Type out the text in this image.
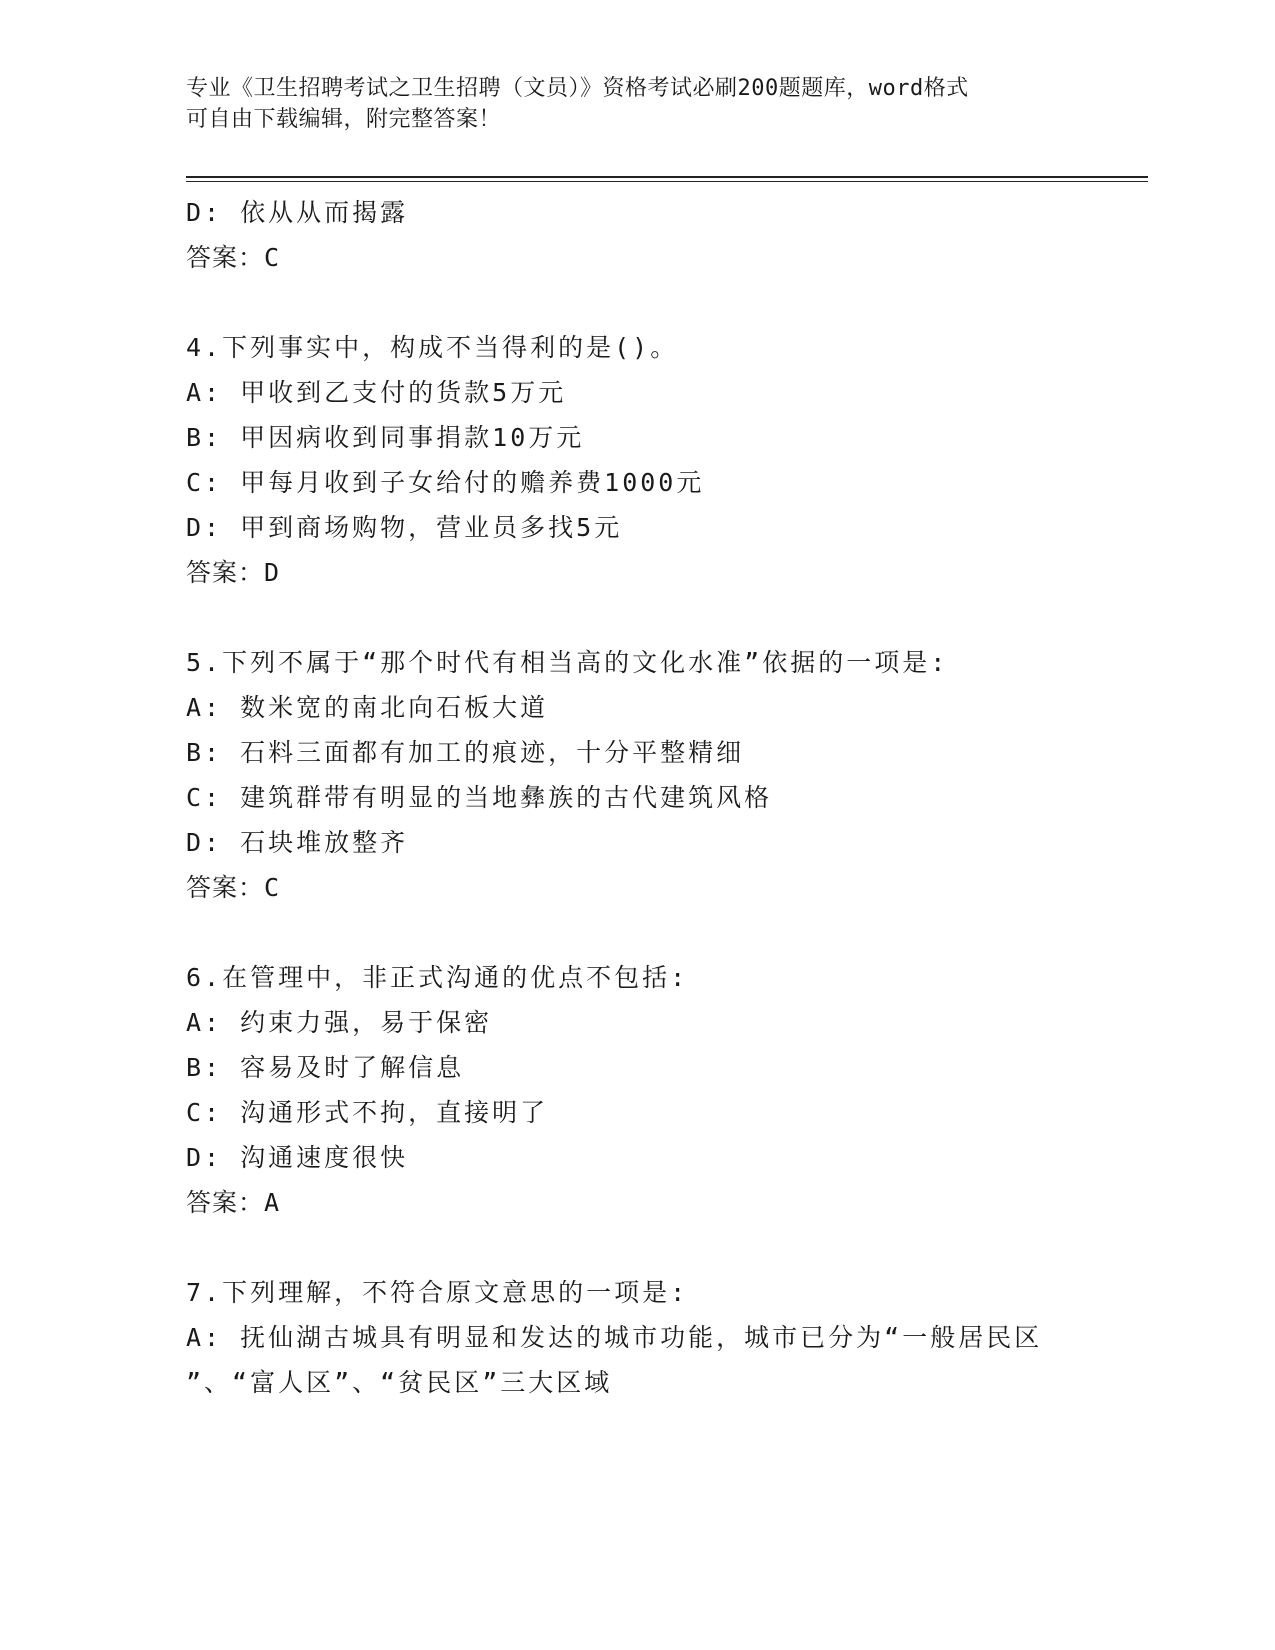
专业《卫生招聘考试之卫生招聘（文员）》资格考试必刷200题题库，word格式
可自由下载编辑，附完整答案！
D: 依从从而揭露
答案：C
4.下列事实中，构成不当得利的是()。
A: 甲收到乙支付的货款5万元
B: 甲因病收到同事捐款10万元
C: 甲每月收到子女给付的赡养费1000元
D: 甲到商场购物，营业员多找5元
答案：D
5.下列不属于“那个时代有相当高的文化水准”依据的一项是:
A: 数米宽的南北向石板大道
B: 石料三面都有加工的痕迹，十分平整精细
C: 建筑群带有明显的当地彝族的古代建筑风格
D: 石块堆放整齐
答案：C
6.在管理中，非正式沟通的优点不包括:
A: 约束力强，易于保密
B: 容易及时了解信息
C: 沟通形式不拘，直接明了
D: 沟通速度很快
答案：A
7.下列理解，不符合原文意思的一项是:
A: 抚仙湖古城具有明显和发达的城市功能，城市已分为“一般居民区
”、“富人区”、“贫民区”三大区域
